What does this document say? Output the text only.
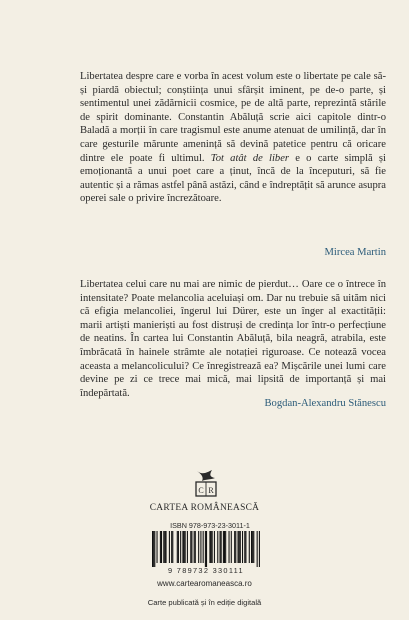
Libertatea despre care e vorba în acest volum este o libertate pe cale să-și piardă obiectul; conștiința unui sfârșit iminent, pe de-o parte, și sentimentul unei zădărnicii cosmice, pe de altă parte, reprezintă stările de spirit dominante. Constantin Abăluță scrie aici capitole dintr-o Baladă a morții în care tragismul este anume atenuat de umilință, dar în care gesturile mărunte amenință să devină patetice pentru că oricare dintre ele poate fi ultimul. Tot atât de liber e o carte simplă și emoționantă a unui poet care a ținut, încă de la începuturi, să fie autentic și a rămas astfel până astăzi, când e îndreptățit să arunce asupra operei sale o privire încrezătoare.

Mircea Martin

Libertatea celui care nu mai are nimic de pierdut… Oare ce o întrece în intensitate? Poate melancolia aceluiași om. Dar nu trebuie să uităm nici că efigia melancoliei, îngerul lui Dürer, este un înger al exactității: marii artiști manieriști au fost distruși de credința lor într-o perfecțiune de neatins. În cartea lui Constantin Abăluță, bila neagră, atrabila, este îmbrăcată în hainele strâmte ale notației riguroase. Ce notează vocea aceasta a melancolicului? Ce înregistrează ea? Mișcările unei lumi care devine pe zi ce trece mai mică, mai lipsită de importanță și mai îndepărtată.

Bogdan-Alexandru Stănescu
C R
CARTEA ROMÂNEASCĂ
ISBN 978-973-23-3011-1
9 789732 330111
www.cartearomaneasca.ro
Carte publicată și în ediție digitală
